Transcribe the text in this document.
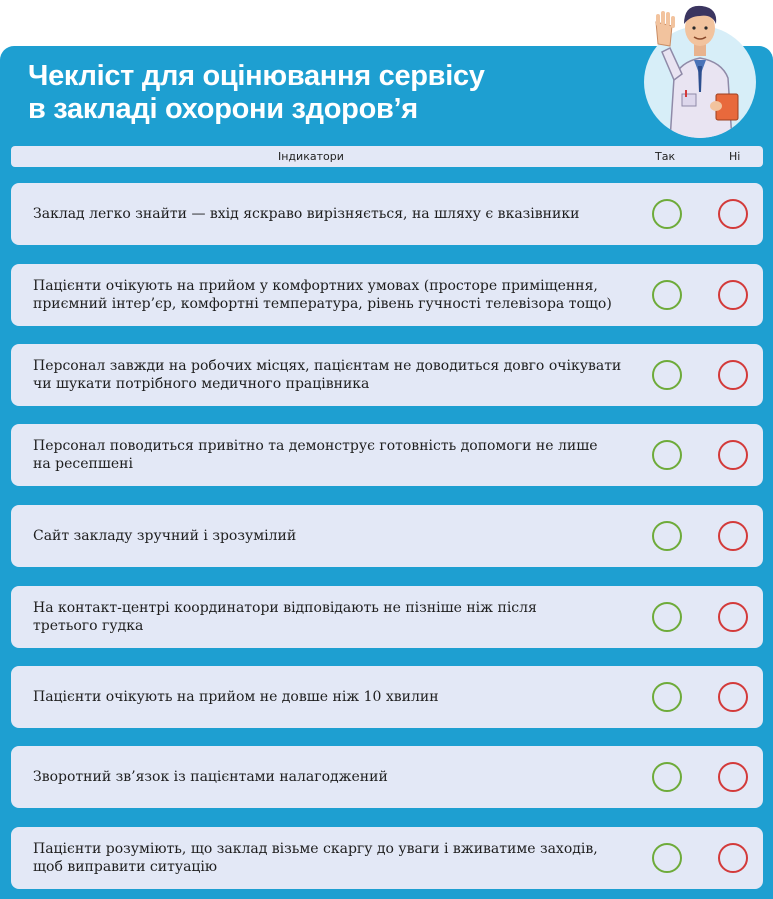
Чекліст для оцінювання сервісу
в закладі охорони здоров’я
Індикатори	Так	Ні
Заклад легко знайти — вхід яскраво вирізняється, на шляху є вказівники
Пацієнти очікують на прийом у комфортних умовах (просторе приміщення,
приємний інтер’єр, комфортні температура, рівень гучності телевізора тощо)
Персонал завжди на робочих місцях, пацієнтам не доводиться довго очікувати
чи шукати потрібного медичного працівника
Персонал поводиться привітно та демонструє готовність допомоги не лише
на ресепшені
Сайт закладу зручний і зрозумілий
На контакт-центрі координатори відповідають не пізніше ніж після
третього гудка
Пацієнти очікують на прийом не довше ніж 10 хвилин
Зворотний зв’язок із пацієнтами налагоджений
Пацієнти розуміють, що заклад візьме скаргу до уваги і вживатиме заходів,
щоб виправити ситуацію
